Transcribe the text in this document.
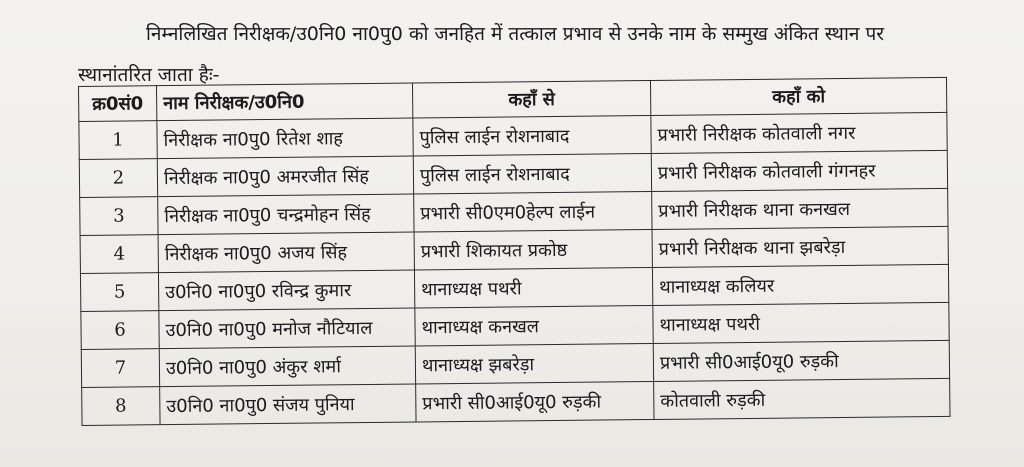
निम्नलिखित निरीक्षक/उ0नि0 ना0पु0 को जनहित में तत्काल प्रभाव से उनके नाम के सम्मुख अंकित स्थान पर
स्थानांतरित जाता हैः-

क्र0सं0	नाम निरीक्षक/उ0नि0	कहाँ से	कहाँ को
1	निरीक्षक ना0पु0 रितेश शाह	पुलिस लाईन रोशनाबाद	प्रभारी निरीक्षक कोतवाली नगर
2	निरीक्षक ना0पु0 अमरजीत सिंह	पुलिस लाईन रोशनाबाद	प्रभारी निरीक्षक कोतवाली गंगनहर
3	निरीक्षक ना0पु0 चन्द्रमोहन सिंह	प्रभारी सी0एम0हेल्प लाईन	प्रभारी निरीक्षक थाना कनखल
4	निरीक्षक ना0पु0 अजय सिंह	प्रभारी शिकायत प्रकोष्ठ	प्रभारी निरीक्षक थाना झबरेड़ा
5	उ0नि0 ना0पु0 रविन्द्र कुमार	थानाध्यक्ष पथरी	थानाध्यक्ष कलियर
6	उ0नि0 ना0पु0 मनोज नौटियाल	थानाध्यक्ष कनखल	थानाध्यक्ष पथरी
7	उ0नि0 ना0पु0 अंकुर शर्मा	थानाध्यक्ष झबरेड़ा	प्रभारी सी0आई0यू0 रुड़की
8	उ0नि0 ना0पु0 संजय पुनिया	प्रभारी सी0आई0यू0 रुड़की	कोतवाली रुड़की
